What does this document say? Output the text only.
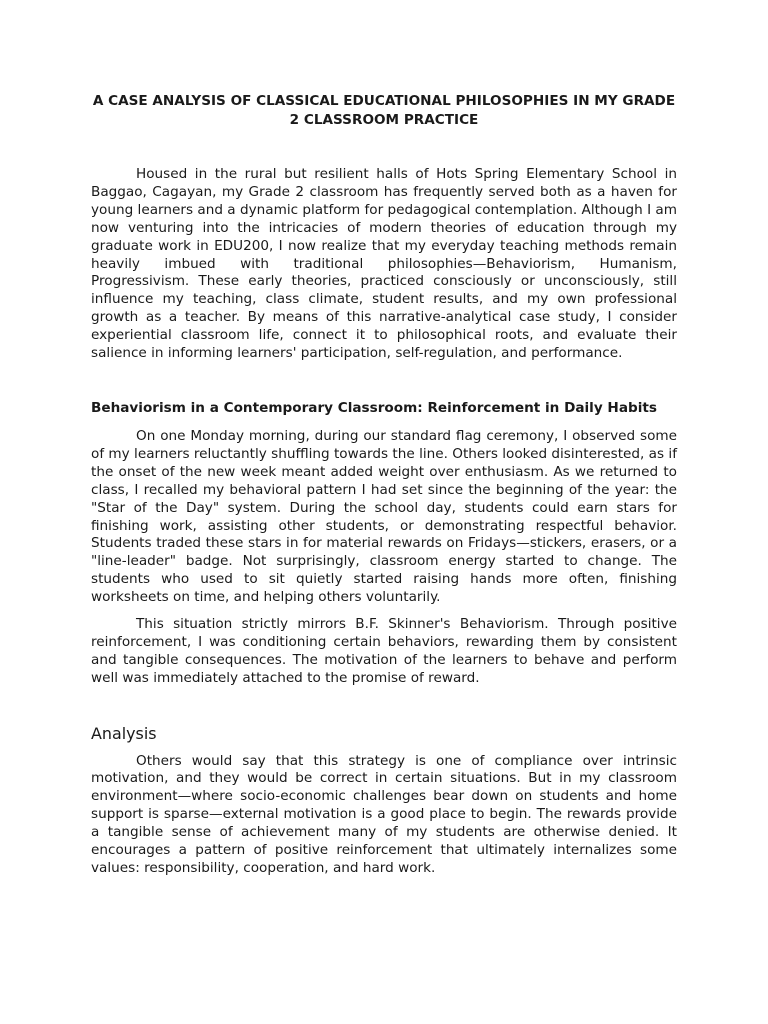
A CASE ANALYSIS OF CLASSICAL EDUCATIONAL PHILOSOPHIES IN MY GRADE 2 CLASSROOM PRACTICE

Housed in the rural but resilient halls of Hots Spring Elementary School in Baggao, Cagayan, my Grade 2 classroom has frequently served both as a haven for young learners and a dynamic platform for pedagogical contemplation. Although I am now venturing into the intricacies of modern theories of education through my graduate work in EDU200, I now realize that my everyday teaching methods remain heavily imbued with traditional philosophies—Behaviorism, Humanism, Progressivism. These early theories, practiced consciously or unconsciously, still influence my teaching, class climate, student results, and my own professional growth as a teacher. By means of this narrative-analytical case study, I consider experiential classroom life, connect it to philosophical roots, and evaluate their salience in informing learners' participation, self-regulation, and performance.

Behaviorism in a Contemporary Classroom: Reinforcement in Daily Habits

On one Monday morning, during our standard flag ceremony, I observed some of my learners reluctantly shuffling towards the line. Others looked disinterested, as if the onset of the new week meant added weight over enthusiasm. As we returned to class, I recalled my behavioral pattern I had set since the beginning of the year: the "Star of the Day" system. During the school day, students could earn stars for finishing work, assisting other students, or demonstrating respectful behavior. Students traded these stars in for material rewards on Fridays—stickers, erasers, or a "line-leader" badge. Not surprisingly, classroom energy started to change. The students who used to sit quietly started raising hands more often, finishing worksheets on time, and helping others voluntarily.

This situation strictly mirrors B.F. Skinner's Behaviorism. Through positive reinforcement, I was conditioning certain behaviors, rewarding them by consistent and tangible consequences. The motivation of the learners to behave and perform well was immediately attached to the promise of reward.

Analysis

Others would say that this strategy is one of compliance over intrinsic motivation, and they would be correct in certain situations. But in my classroom environment—where socio-economic challenges bear down on students and home support is sparse—external motivation is a good place to begin. The rewards provide a tangible sense of achievement many of my students are otherwise denied. It encourages a pattern of positive reinforcement that ultimately internalizes some values: responsibility, cooperation, and hard work.
